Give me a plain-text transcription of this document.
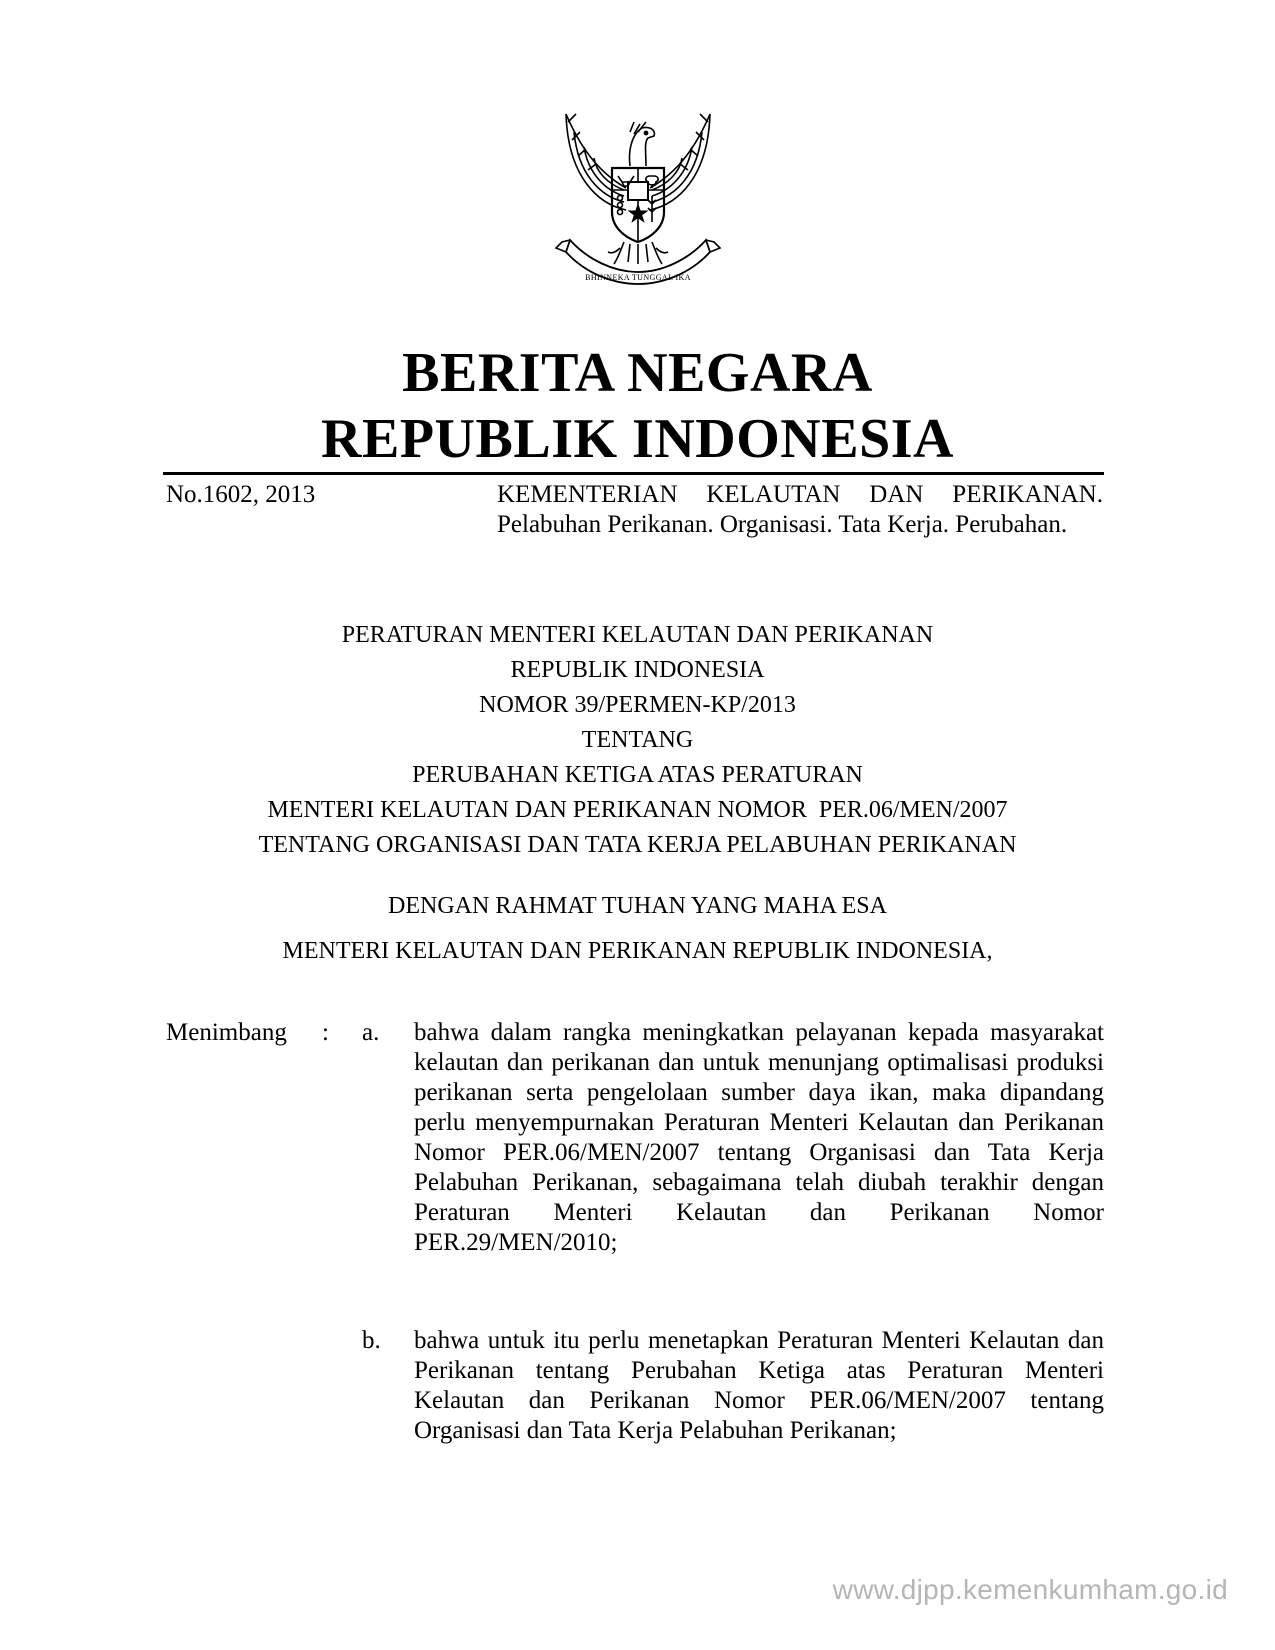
BHINNEKA TUNGGAL IKA
BERITA NEGARA
REPUBLIK INDONESIA
No.1602, 2013	KEMENTERIAN KELAUTAN DAN PERIKANAN. Pelabuhan Perikanan. Organisasi. Tata Kerja. Perubahan.
PERATURAN MENTERI KELAUTAN DAN PERIKANAN
REPUBLIK INDONESIA
NOMOR 39/PERMEN-KP/2013
TENTANG
PERUBAHAN KETIGA ATAS PERATURAN
MENTERI KELAUTAN DAN PERIKANAN NOMOR  PER.06/MEN/2007
TENTANG ORGANISASI DAN TATA KERJA PELABUHAN PERIKANAN
DENGAN RAHMAT TUHAN YANG MAHA ESA
MENTERI KELAUTAN DAN PERIKANAN REPUBLIK INDONESIA,
Menimbang : a. bahwa dalam rangka meningkatkan pelayanan kepada masyarakat kelautan dan perikanan dan untuk menunjang optimalisasi produksi perikanan serta pengelolaan sumber daya ikan, maka dipandang perlu menyempurnakan Peraturan Menteri Kelautan dan Perikanan Nomor PER.06/MEN/2007 tentang Organisasi dan Tata Kerja Pelabuhan Perikanan, sebagaimana telah diubah terakhir dengan Peraturan Menteri Kelautan dan Perikanan Nomor PER.29/MEN/2010;
b. bahwa untuk itu perlu menetapkan Peraturan Menteri Kelautan dan Perikanan tentang Perubahan Ketiga atas Peraturan Menteri Kelautan dan Perikanan Nomor PER.06/MEN/2007 tentang Organisasi dan Tata Kerja Pelabuhan Perikanan;
www.djpp.kemenkumham.go.id
